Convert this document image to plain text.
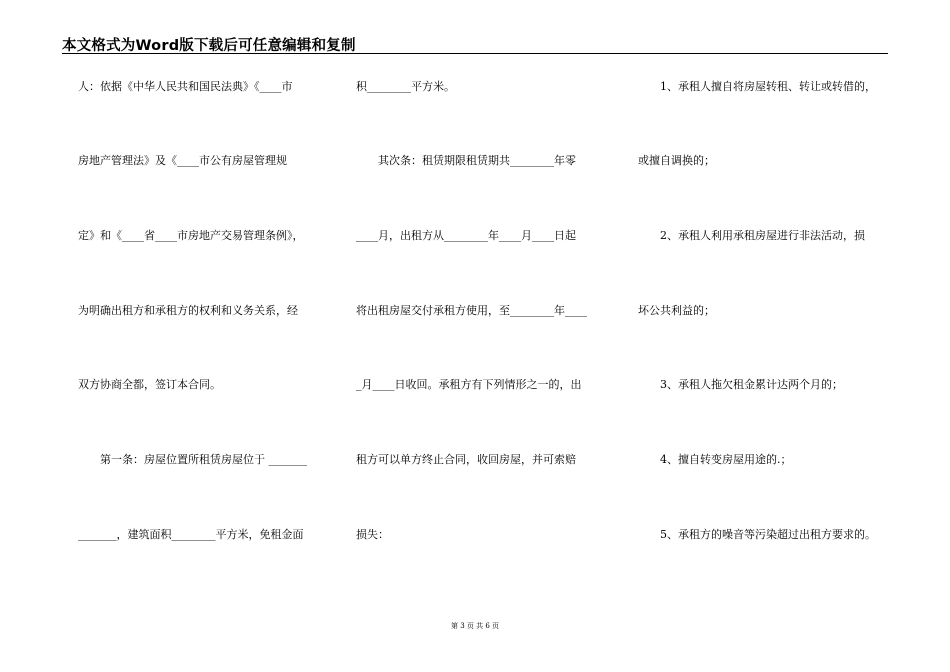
本文格式为Word版下载后可任意编辑和复制
人：依据《中华人民共和国民法典》《____市
房地产管理法》及《____市公有房屋管理规
定》和《____省____市房地产交易管理条例》，
为明确出租方和承租方的权利和义务关系，经
双方协商全都，签订本合同。
　　第一条：房屋位置所租赁房屋位于 _______
_______，建筑面积________平方米，免租金面
积________平方米。
　　其次条：租赁期限租赁期共________年零
____月，出租方从________年____月____日起
将出租房屋交付承租方使用，至________年____
_月____日收回。承租方有下列情形之一的，出
租方可以单方终止合同，收回房屋，并可索赔
损失：
　　1、承租人擅自将房屋转租、转让或转借的，
或擅自调换的；
　　2、承租人利用承租房屋进行非法活动，损
坏公共利益的；
　　3、承租人拖欠租金累计达两个月的；
　　4、擅自转变房屋用途的.；
　　5、承租方的噪音等污染超过出租方要求的。
第 3 页 共 6 页
